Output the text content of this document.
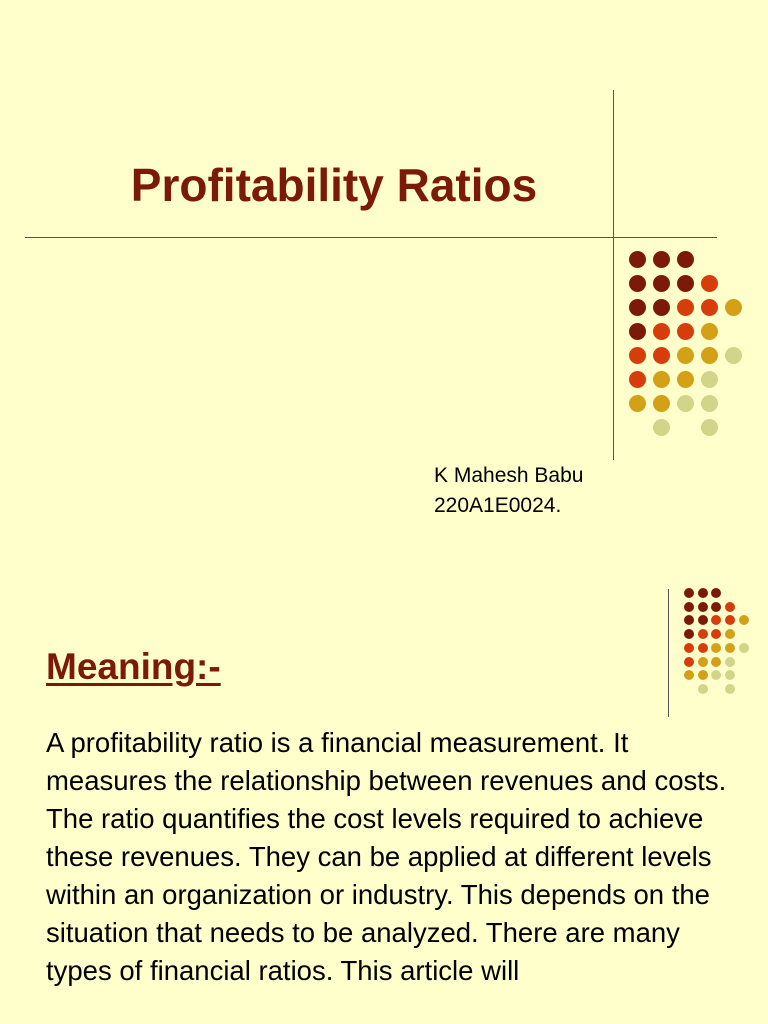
Profitability Ratios
K Mahesh Babu
220A1E0024.
Meaning:-

A profitability ratio is a financial measurement. It measures the relationship between revenues and costs. The ratio quantifies the cost levels required to achieve these revenues. They can be applied at different levels within an organization or industry. This depends on the situation that needs to be analyzed. There are many types of financial ratios. This article will
